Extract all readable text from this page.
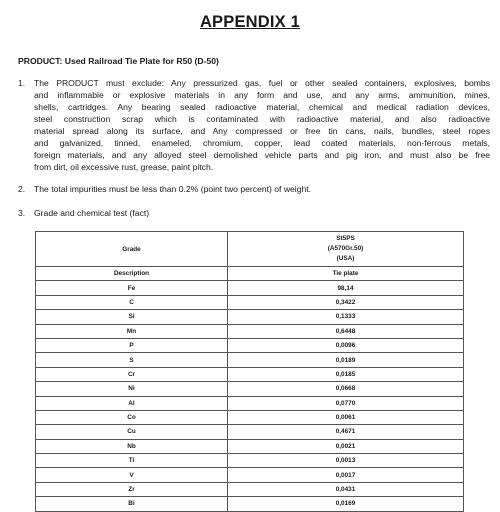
APPENDIX 1
PRODUCT: Used Railroad Tie Plate for R50 (D-50)
1. The PRODUCT must exclude: Any pressurized gas, fuel or other sealed containers, explosives, bombs
and inflammable or explosive materials in any form and use, and any arms, ammunition, mines,
shells, cartridges. Any bearing sealed radioactive material, chemical and medical radiation devices,
steel construction scrap which is contaminated with radioactive material, and also radioactive
material spread along its surface, and Any compressed or free tin cans, nails, bundles, steel ropes
and galvanized, tinned, enameled, chromium, copper, lead coated materials, non-ferrous metals,
foreign materials, and any alloyed steel demolished vehicle parts and pig iron, and must also be free
from dirt, oil excessive rust, grease, paint pitch.
2. The total impurities must be less than 0.2% (point two percent) of weight.
3. Grade and chemical test (fact)
Grade	St5PS
(A570Gr.50)
(USA)

Description	Tie plate
Fe	98,14
C	0,3422
Si	0,1333
Mn	0,6448
P	0,0096
S	0,0189
Cr	0,0185
Ni	0,0668
Al	0,0770
Co	0,0061
Cu	0,4671
Nb	0,0021
Ti	0,0013
V	0,0017
Zr	0,0431
Bi	0,0169
